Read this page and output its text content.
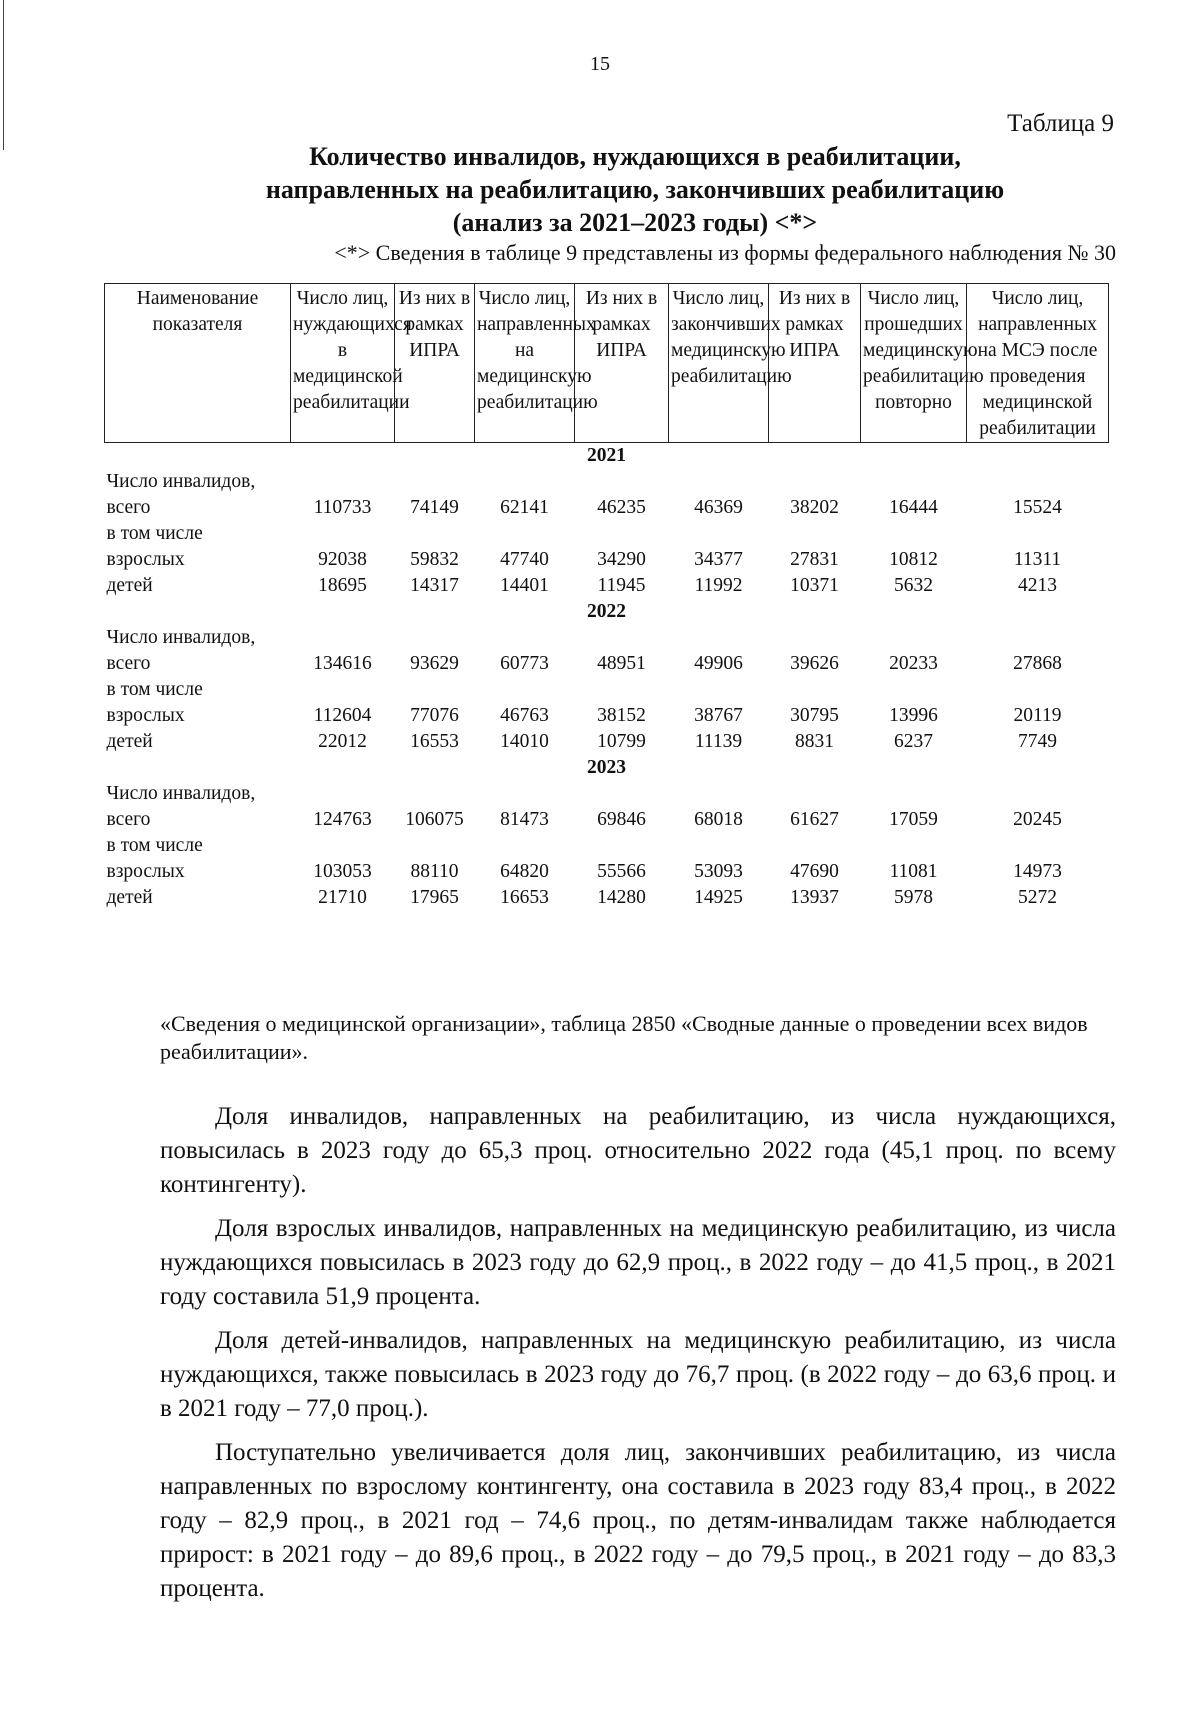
15
Таблица 9
Количество инвалидов, нуждающихся в реабилитации,
направленных на реабилитацию, закончивших реабилитацию
(анализ за 2021–2023 годы) <*>
<*> Сведения в таблице 9 представлены из формы федерального наблюдения № 30
Наименование показателя	Число лиц, нуждающихся в медицинской реабилитации	Из них в рамках ИПРА	Число лиц, направленных на медицинскую реабилитацию	Из них в рамках ИПРА	Число лиц, закончивших медицинскую реабилитацию	Из них в рамках ИПРА	Число лиц, прошедших медицинскую реабилитацию повторно	Число лиц, направленных на МСЭ после проведения медицинской реабилитации
2021								
Число инвалидов,								
всего	110733	74149	62141	46235	46369	38202	16444	15524
в том числе								
взрослых	92038	59832	47740	34290	34377	27831	10812	11311
детей	18695	14317	14401	11945	11992	10371	5632	4213
2022								
Число инвалидов,								
всего	134616	93629	60773	48951	49906	39626	20233	27868
в том числе								
взрослых	112604	77076	46763	38152	38767	30795	13996	20119
детей	22012	16553	14010	10799	11139	8831	6237	7749
2023								
Число инвалидов,								
всего	124763	106075	81473	69846	68018	61627	17059	20245
в том числе								
взрослых	103053	88110	64820	55566	53093	47690	11081	14973
детей	21710	17965	16653	14280	14925	13937	5978	5272
«Сведения о медицинской организации», таблица 2850 «Сводные данные о проведении всех видов реабилитации».

Доля инвалидов, направленных на реабилитацию, из числа нуждающихся, повысилась в 2023 году до 65,3 проц. относительно 2022 года (45,1 проц. по всему контингенту).

Доля взрослых инвалидов, направленных на медицинскую реабилитацию, из числа нуждающихся повысилась в 2023 году до 62,9 проц., в 2022 году – до 41,5 проц., в 2021 году составила 51,9 процента.

Доля детей-инвалидов, направленных на медицинскую реабилитацию, из числа нуждающихся, также повысилась в 2023 году до 76,7 проц. (в 2022 году – до 63,6 проц. и в 2021 году – 77,0 проц.).

Поступательно увеличивается доля лиц, закончивших реабилитацию, из числа направленных по взрослому контингенту, она составила в 2023 году 83,4 проц., в 2022 году – 82,9 проц., в 2021 год – 74,6 проц., по детям-инвалидам также наблюдается прирост: в 2021 году – до 89,6 проц., в 2022 году – до 79,5 проц., в 2021 году – до 83,3 процента.
